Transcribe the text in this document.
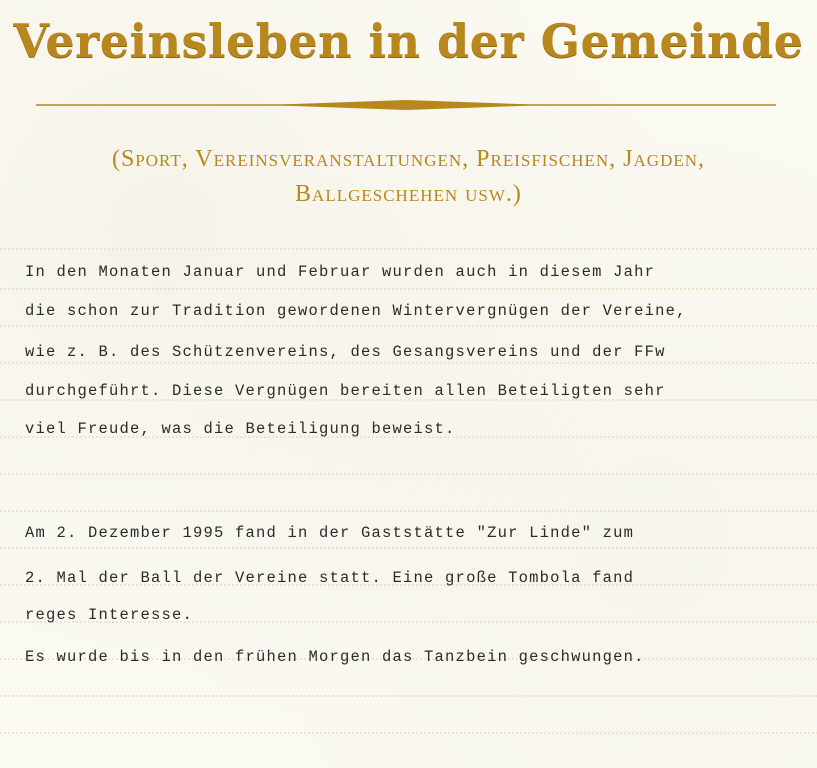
Vereinsleben in der Gemeinde
(Sport, Vereinsveranstaltungen, Preisfischen, Jagden,
Ballgeschehen usw.)
In den Monaten Januar und Februar wurden auch in diesem Jahr
die schon zur Tradition gewordenen Wintervergnügen der Vereine,
wie z. B. des Schützenvereins, des Gesangsvereins und der FFw
durchgeführt. Diese Vergnügen bereiten allen Beteiligten sehr
viel Freude, was die Beteiligung beweist.
Am 2. Dezember 1995 fand in der Gaststätte "Zur Linde" zum
2. Mal der Ball der Vereine statt. Eine große Tombola fand
reges Interesse.
Es wurde bis in den frühen Morgen das Tanzbein geschwungen.
